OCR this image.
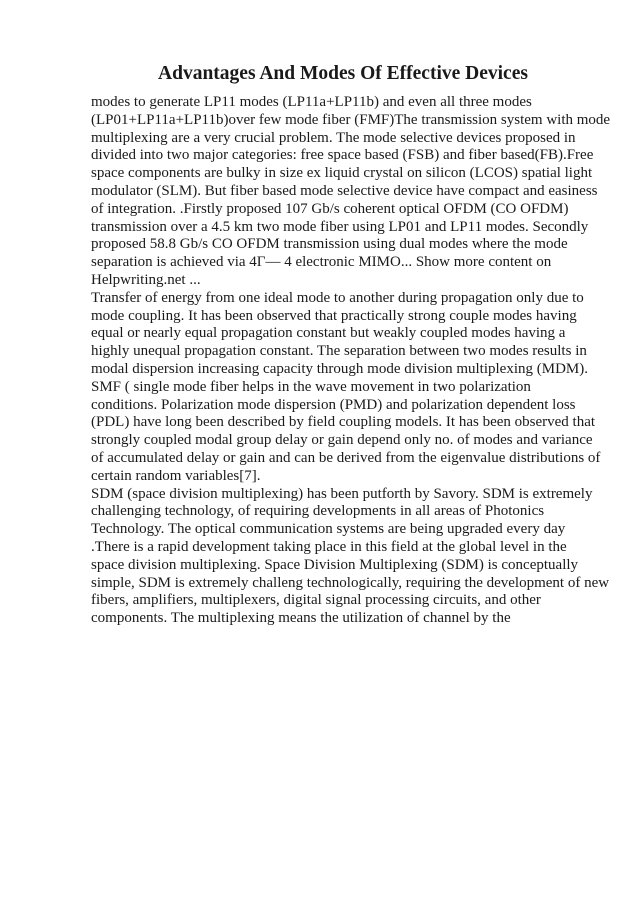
Advantages And Modes Of Effective Devices
modes to generate LP11 modes (LP11a+LP11b) and even all three modes
(LP01+LP11a+LP11b)over few mode fiber (FMF)The transmission system with mode
multiplexing are a very crucial problem. The mode selective devices proposed in
divided into two major categories: free space based (FSB) and fiber based(FB).Free
space components are bulky in size ex liquid crystal on silicon (LCOS) spatial light
modulator (SLM). But fiber based mode selective device have compact and easiness
of integration. .Firstly proposed 107 Gb/s coherent optical OFDM (CO OFDM)
transmission over a 4.5 km two mode fiber using LP01 and LP11 modes. Secondly
proposed 58.8 Gb/s CO OFDM transmission using dual modes where the mode
separation is achieved via 4Γ— 4 electronic MIMO... Show more content on
Helpwriting.net ...
Transfer of energy from one ideal mode to another during propagation only due to
mode coupling. It has been observed that practically strong couple modes having
equal or nearly equal propagation constant but weakly coupled modes having a
highly unequal propagation constant. The separation between two modes results in
modal dispersion increasing capacity through mode division multiplexing (MDM).
SMF ( single mode fiber helps in the wave movement in two polarization
conditions. Polarization mode dispersion (PMD) and polarization dependent loss
(PDL) have long been described by field coupling models. It has been observed that
strongly coupled modal group delay or gain depend only no. of modes and variance
of accumulated delay or gain and can be derived from the eigenvalue distributions of
certain random variables[7].
SDM (space division multiplexing) has been putforth by Savory. SDM is extremely
challenging technology, of requiring developments in all areas of Photonics
Technology. The optical communication systems are being upgraded every day
.There is a rapid development taking place in this field at the global level in the
space division multiplexing. Space Division Multiplexing (SDM) is conceptually
simple, SDM is extremely challeng technologically, requiring the development of new
fibers, amplifiers, multiplexers, digital signal processing circuits, and other
components. The multiplexing means the utilization of channel by the
